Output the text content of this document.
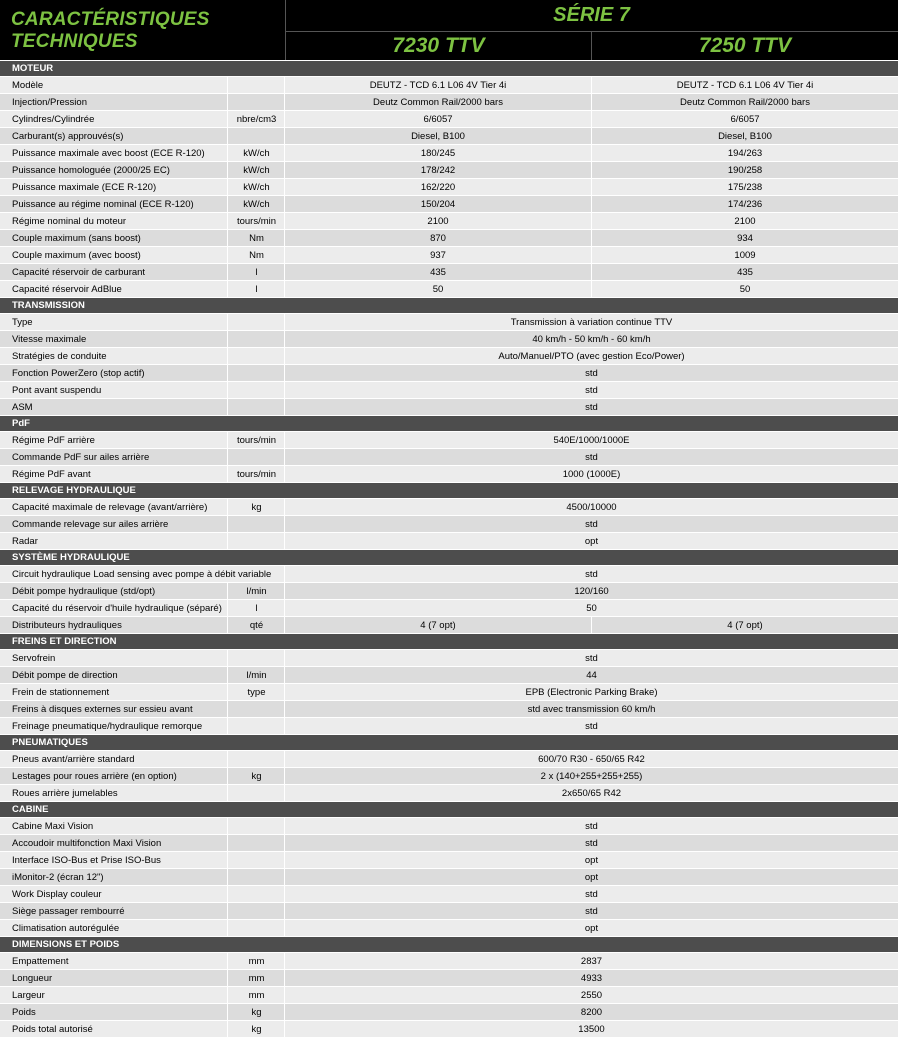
CARACTÉRISTIQUES
TECHNIQUES
SÉRIE 7
7230 TTV	7250 TTV
MOTEUR
Modèle	DEUTZ - TCD 6.1 L06 4V Tier 4i	DEUTZ - TCD 6.1 L06 4V Tier 4i
Injection/Pression	Deutz Common Rail/2000 bars	Deutz Common Rail/2000 bars
Cylindres/Cylindrée	nbre/cm3	6/6057	6/6057
Carburant(s) approuvés(s)	Diesel, B100	Diesel, B100
Puissance maximale avec boost (ECE R-120)	kW/ch	180/245	194/263
Puissance homologuée (2000/25 EC)	kW/ch	178/242	190/258
Puissance maximale (ECE R-120)	kW/ch	162/220	175/238
Puissance au régime nominal (ECE R-120)	kW/ch	150/204	174/236
Régime nominal du moteur	tours/min	2100	2100
Couple maximum (sans boost)	Nm	870	934
Couple maximum (avec boost)	Nm	937	1009
Capacité réservoir de carburant	l	435	435
Capacité réservoir AdBlue	l	50	50
TRANSMISSION
Type	Transmission à variation continue TTV
Vitesse maximale	40 km/h - 50 km/h - 60 km/h
Stratégies de conduite	Auto/Manuel/PTO (avec gestion Eco/Power)
Fonction PowerZero (stop actif)	std
Pont avant suspendu	std
ASM	std
PdF
Régime PdF arrière	tours/min	540E/1000/1000E
Commande PdF sur ailes arrière	std
Régime PdF avant	tours/min	1000 (1000E)
RELEVAGE HYDRAULIQUE
Capacité maximale de relevage (avant/arrière)	kg	4500/10000
Commande relevage sur ailes arrière	std
Radar	opt
SYSTÈME HYDRAULIQUE
Circuit hydraulique Load sensing avec pompe à débit variable	std
Débit pompe hydraulique (std/opt)	l/min	120/160
Capacité du réservoir d'huile hydraulique (séparé)	l	50
Distributeurs hydrauliques	qté	4 (7 opt)	4 (7 opt)
FREINS ET DIRECTION
Servofrein	std
Débit pompe de direction	l/min	44
Frein de stationnement	type	EPB (Electronic Parking Brake)
Freins à disques externes sur essieu avant	std avec transmission 60 km/h
Freinage pneumatique/hydraulique remorque	std
PNEUMATIQUES
Pneus avant/arrière standard	600/70 R30 - 650/65 R42
Lestages pour roues arrière (en option)	kg	2 x (140+255+255+255)
Roues arrière jumelables	2x650/65 R42
CABINE
Cabine Maxi Vision	std
Accoudoir multifonction Maxi Vision	std
Interface ISO-Bus et Prise ISO-Bus	opt
iMonitor-2 (écran 12")	opt
Work Display couleur	std
Siège passager rembourré	std
Climatisation autorégulée	opt
DIMENSIONS ET POIDS
Empattement	mm	2837
Longueur	mm	4933
Largeur	mm	2550
Poids	kg	8200
Poids total autorisé	kg	13500
